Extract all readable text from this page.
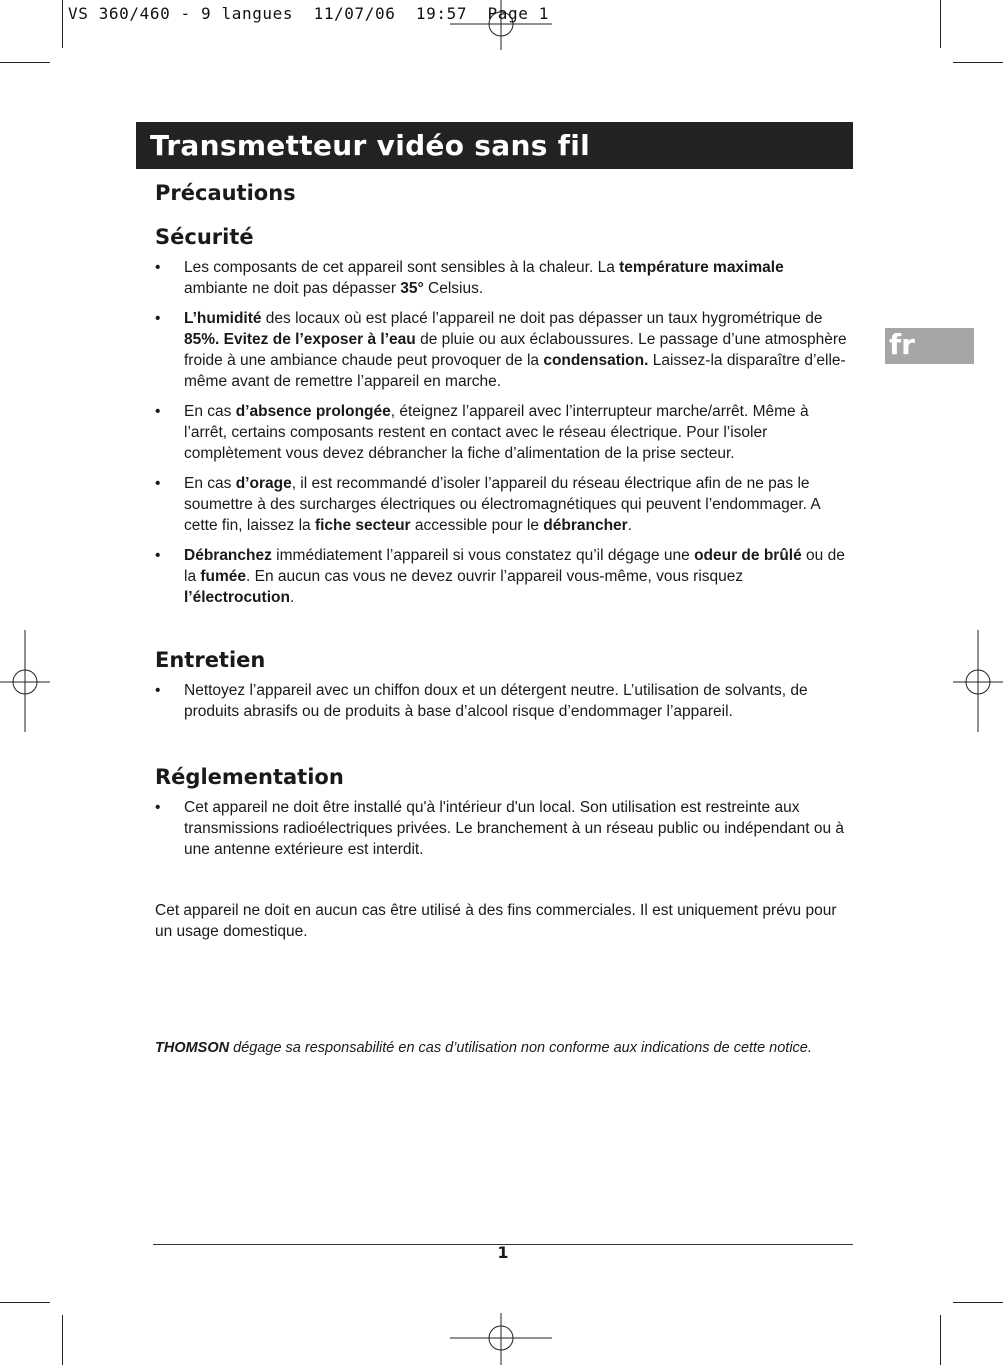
VS 360/460 - 9 langues  11/07/06  19:57  Page 1
Transmetteur vidéo sans fil
fr
Précautions
Sécurité
• Les composants de cet appareil sont sensibles à la chaleur. La température maximale ambiante ne doit pas dépasser 35° Celsius.
• L’humidité des locaux où est placé l’appareil ne doit pas dépasser un taux hygrométrique de 85%. Evitez de l’exposer à l’eau de pluie ou aux éclaboussures. Le passage d’une atmosphère froide à une ambiance chaude peut provoquer de la condensation. Laissez-la disparaître d’elle-même avant de remettre l’appareil en marche.
• En cas d’absence prolongée, éteignez l’appareil avec l’interrupteur marche/arrêt. Même à l’arrêt, certains composants restent en contact avec le réseau électrique. Pour l’isoler complètement vous devez débrancher la fiche d’alimentation de la prise secteur.
• En cas d’orage, il est recommandé d’isoler l’appareil du réseau électrique afin de ne pas le soumettre à des surcharges électriques ou électromagnétiques qui peuvent l’endommager. A cette fin, laissez la fiche secteur accessible pour le débrancher.
• Débranchez immédiatement l’appareil si vous constatez qu’il dégage une odeur de brûlé ou de la fumée. En aucun cas vous ne devez ouvrir l’appareil vous-même, vous risquez l’électrocution.
Entretien
• Nettoyez l’appareil avec un chiffon doux et un détergent neutre. L’utilisation de solvants, de produits abrasifs ou de produits à base d’alcool risque d’endommager l’appareil.
Réglementation
• Cet appareil ne doit être installé qu'à l'intérieur d'un local. Son utilisation est restreinte aux transmissions radioélectriques privées. Le branchement à un réseau public ou indépendant ou à une antenne extérieure est interdit.

Cet appareil ne doit en aucun cas être utilisé à des fins commerciales. Il est uniquement prévu pour un usage domestique.

THOMSON dégage sa responsabilité en cas d’utilisation non conforme aux indications de cette notice.

1
